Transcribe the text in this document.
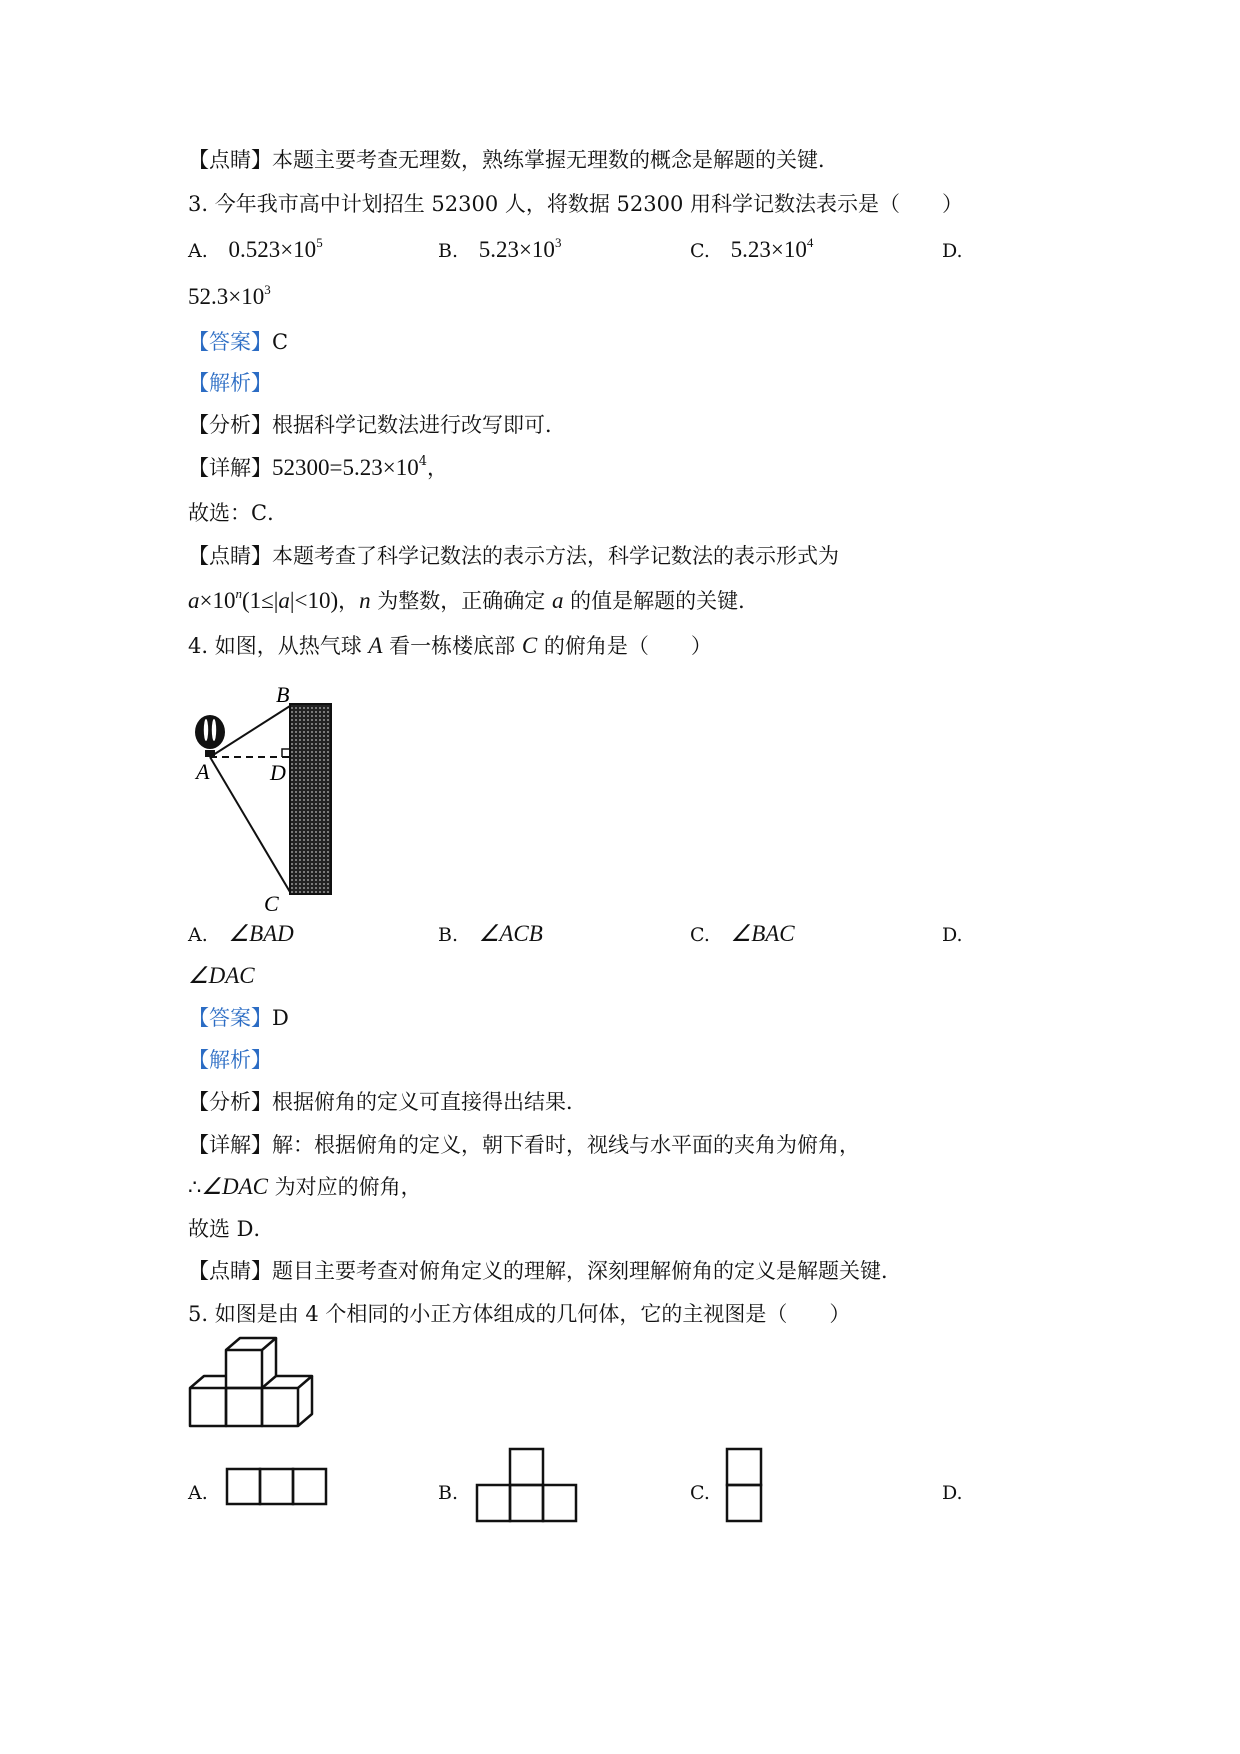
【点睛】本题主要考查无理数，熟练掌握无理数的概念是解题的关键．
3. 今年我市高中计划招生 52300 人，将数据 52300 用科学记数法表示是（　　）
A. $0.523\times 10^5$	B. $5.23\times 10^3$	C. $5.23\times 10^4$	D.
$52.3\times 10^3$
【答案】C
【解析】
【分析】根据科学记数法进行改写即可．
【详解】$52300=5.23\times 10^4$，
故选：C．
【点睛】本题考查了科学记数法的表示方法，科学记数法的表示形式为
$a\times 10^n(1\le|a|<10)$，n 为整数，正确确定 a 的值是解题的关键．
4. 如图，从热气球 A 看一栋楼底部 C 的俯角是（　　）
B
A	D
C
A. ∠BAD	B. ∠ACB	C. ∠BAC	D.
∠DAC
【答案】D
【解析】
【分析】根据俯角的定义可直接得出结果．
【详解】解：根据俯角的定义，朝下看时，视线与水平面的夹角为俯角，
∴∠DAC 为对应的俯角，
故选 D．
【点睛】题目主要考查对俯角定义的理解，深刻理解俯角的定义是解题关键．
5. 如图是由 4 个相同的小正方体组成的几何体，它的主视图是（　　）
A.	B.	C.	D.
